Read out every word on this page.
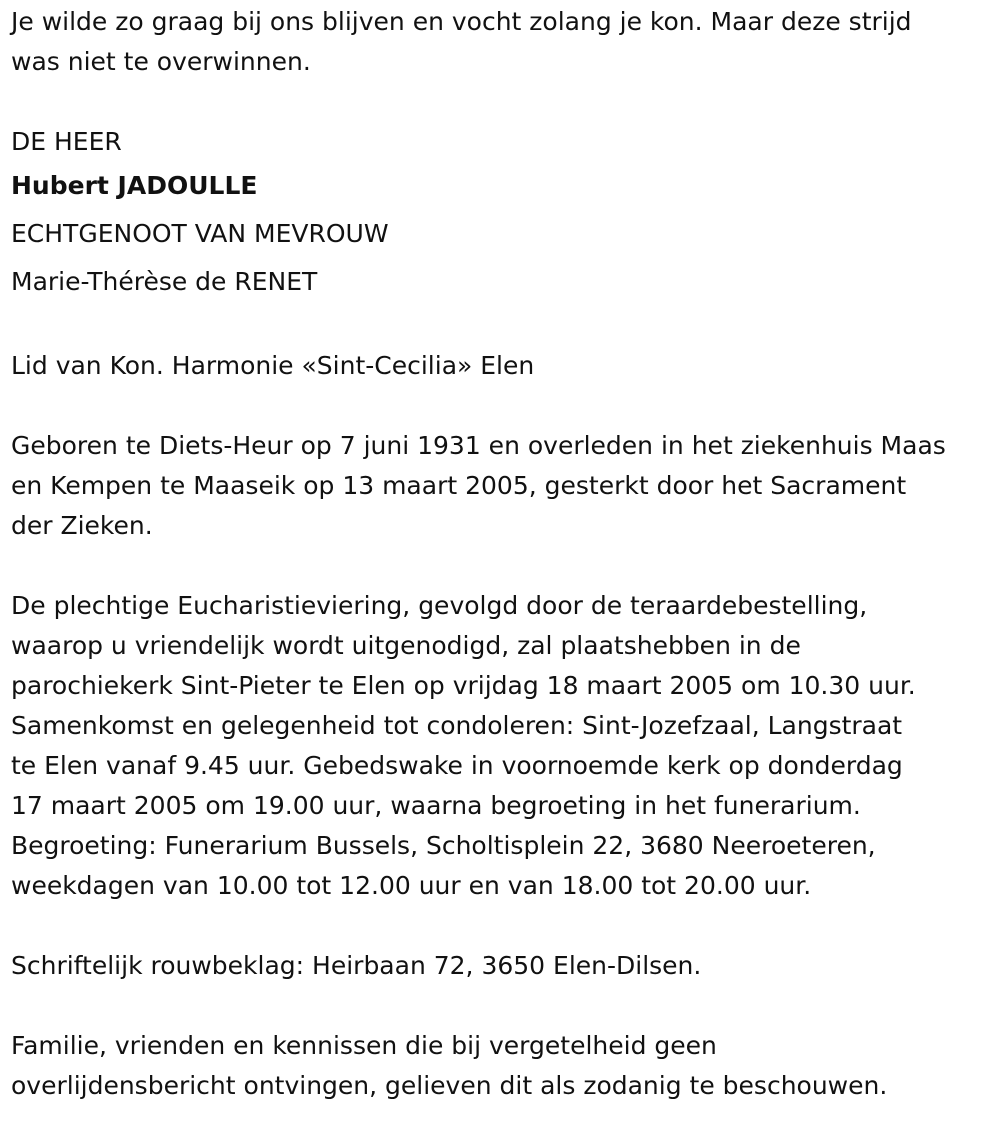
Je wilde zo graag bij ons blijven en vocht zolang je kon. Maar deze strijd
was niet te overwinnen.
DE HEER
Hubert JADOULLE
ECHTGENOOT VAN MEVROUW
Marie-Thérèse de RENET
Lid van Kon. Harmonie «Sint-Cecilia» Elen
Geboren te Diets-Heur op 7 juni 1931 en overleden in het ziekenhuis Maas
en Kempen te Maaseik op 13 maart 2005, gesterkt door het Sacrament
der Zieken.
De plechtige Eucharistieviering, gevolgd door de teraardebestelling,
waarop u vriendelijk wordt uitgenodigd, zal plaatshebben in de
parochiekerk Sint-Pieter te Elen op vrijdag 18 maart 2005 om 10.30 uur.
Samenkomst en gelegenheid tot condoleren: Sint-Jozefzaal, Langstraat
te Elen vanaf 9.45 uur. Gebedswake in voornoemde kerk op donderdag
17 maart 2005 om 19.00 uur, waarna begroeting in het funerarium.
Begroeting: Funerarium Bussels, Scholtisplein 22, 3680 Neeroeteren,
weekdagen van 10.00 tot 12.00 uur en van 18.00 tot 20.00 uur.
Schriftelijk rouwbeklag: Heirbaan 72, 3650 Elen-Dilsen.
Familie, vrienden en kennissen die bij vergetelheid geen
overlijdensbericht ontvingen, gelieven dit als zodanig te beschouwen.
